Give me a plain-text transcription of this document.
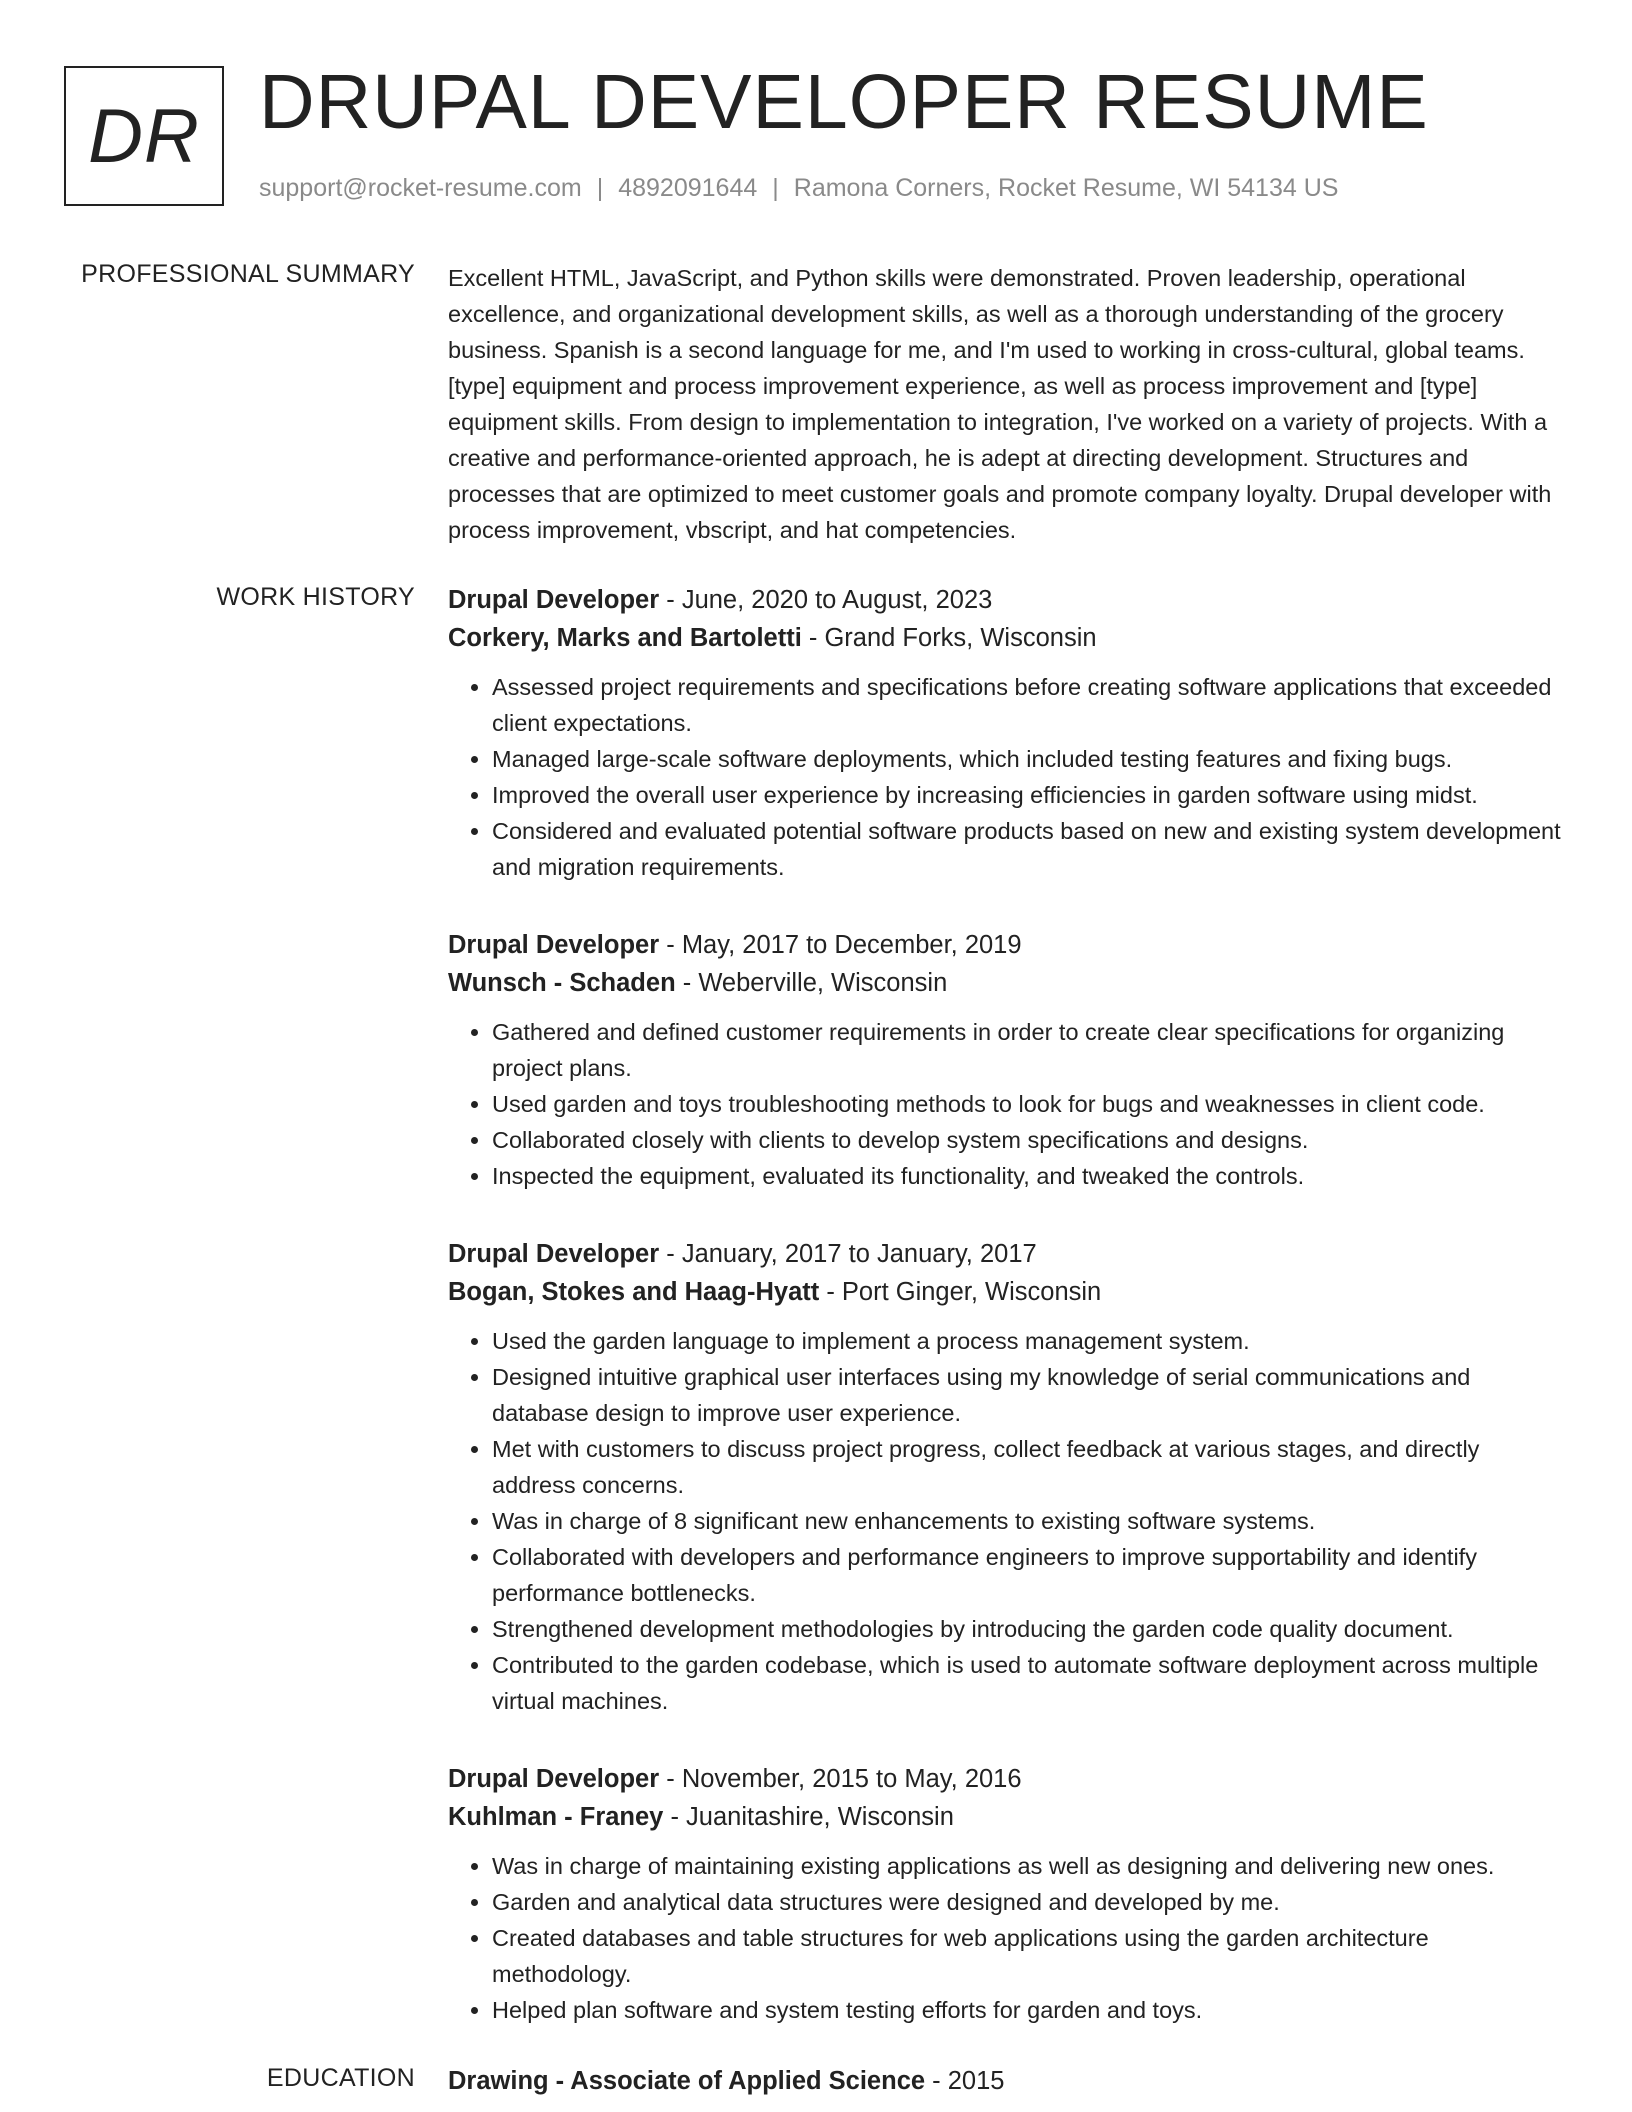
DR DRUPAL DEVELOPER RESUME
support@rocket-resume.com | 4892091644 | Ramona Corners, Rocket Resume, WI 54134 US
PROFESSIONAL SUMMARY Excellent HTML, JavaScript, and Python skills were demonstrated. Proven leadership, operational excellence, and organizational development skills, as well as a thorough understanding of the grocery business. Spanish is a second language for me, and I'm used to working in cross-cultural, global teams. [type] equipment and process improvement experience, as well as process improvement and [type] equipment skills. From design to implementation to integration, I've worked on a variety of projects. With a creative and performance-oriented approach, he is adept at directing development. Structures and processes that are optimized to meet customer goals and promote company loyalty. Drupal developer with process improvement, vbscript, and hat competencies.

WORK HISTORY Drupal Developer - June, 2020 to August, 2023
Corkery, Marks and Bartoletti - Grand Forks, Wisconsin
• Assessed project requirements and specifications before creating software applications that exceeded client expectations.
• Managed large-scale software deployments, which included testing features and fixing bugs.
• Improved the overall user experience by increasing efficiencies in garden software using midst.
• Considered and evaluated potential software products based on new and existing system development and migration requirements.
Drupal Developer - May, 2017 to December, 2019
Wunsch - Schaden - Weberville, Wisconsin
• Gathered and defined customer requirements in order to create clear specifications for organizing project plans.
• Used garden and toys troubleshooting methods to look for bugs and weaknesses in client code.
• Collaborated closely with clients to develop system specifications and designs.
• Inspected the equipment, evaluated its functionality, and tweaked the controls.
Drupal Developer - January, 2017 to January, 2017
Bogan, Stokes and Haag-Hyatt - Port Ginger, Wisconsin
• Used the garden language to implement a process management system.
• Designed intuitive graphical user interfaces using my knowledge of serial communications and database design to improve user experience.
• Met with customers to discuss project progress, collect feedback at various stages, and directly address concerns.
• Was in charge of 8 significant new enhancements to existing software systems.
• Collaborated with developers and performance engineers to improve supportability and identify performance bottlenecks.
• Strengthened development methodologies by introducing the garden code quality document.
• Contributed to the garden codebase, which is used to automate software deployment across multiple virtual machines.
Drupal Developer - November, 2015 to May, 2016
Kuhlman - Franey - Juanitashire, Wisconsin
• Was in charge of maintaining existing applications as well as designing and delivering new ones.
• Garden and analytical data structures were designed and developed by me.
• Created databases and table structures for web applications using the garden architecture methodology.
• Helped plan software and system testing efforts for garden and toys.
EDUCATION Drawing - Associate of Applied Science - 2015
